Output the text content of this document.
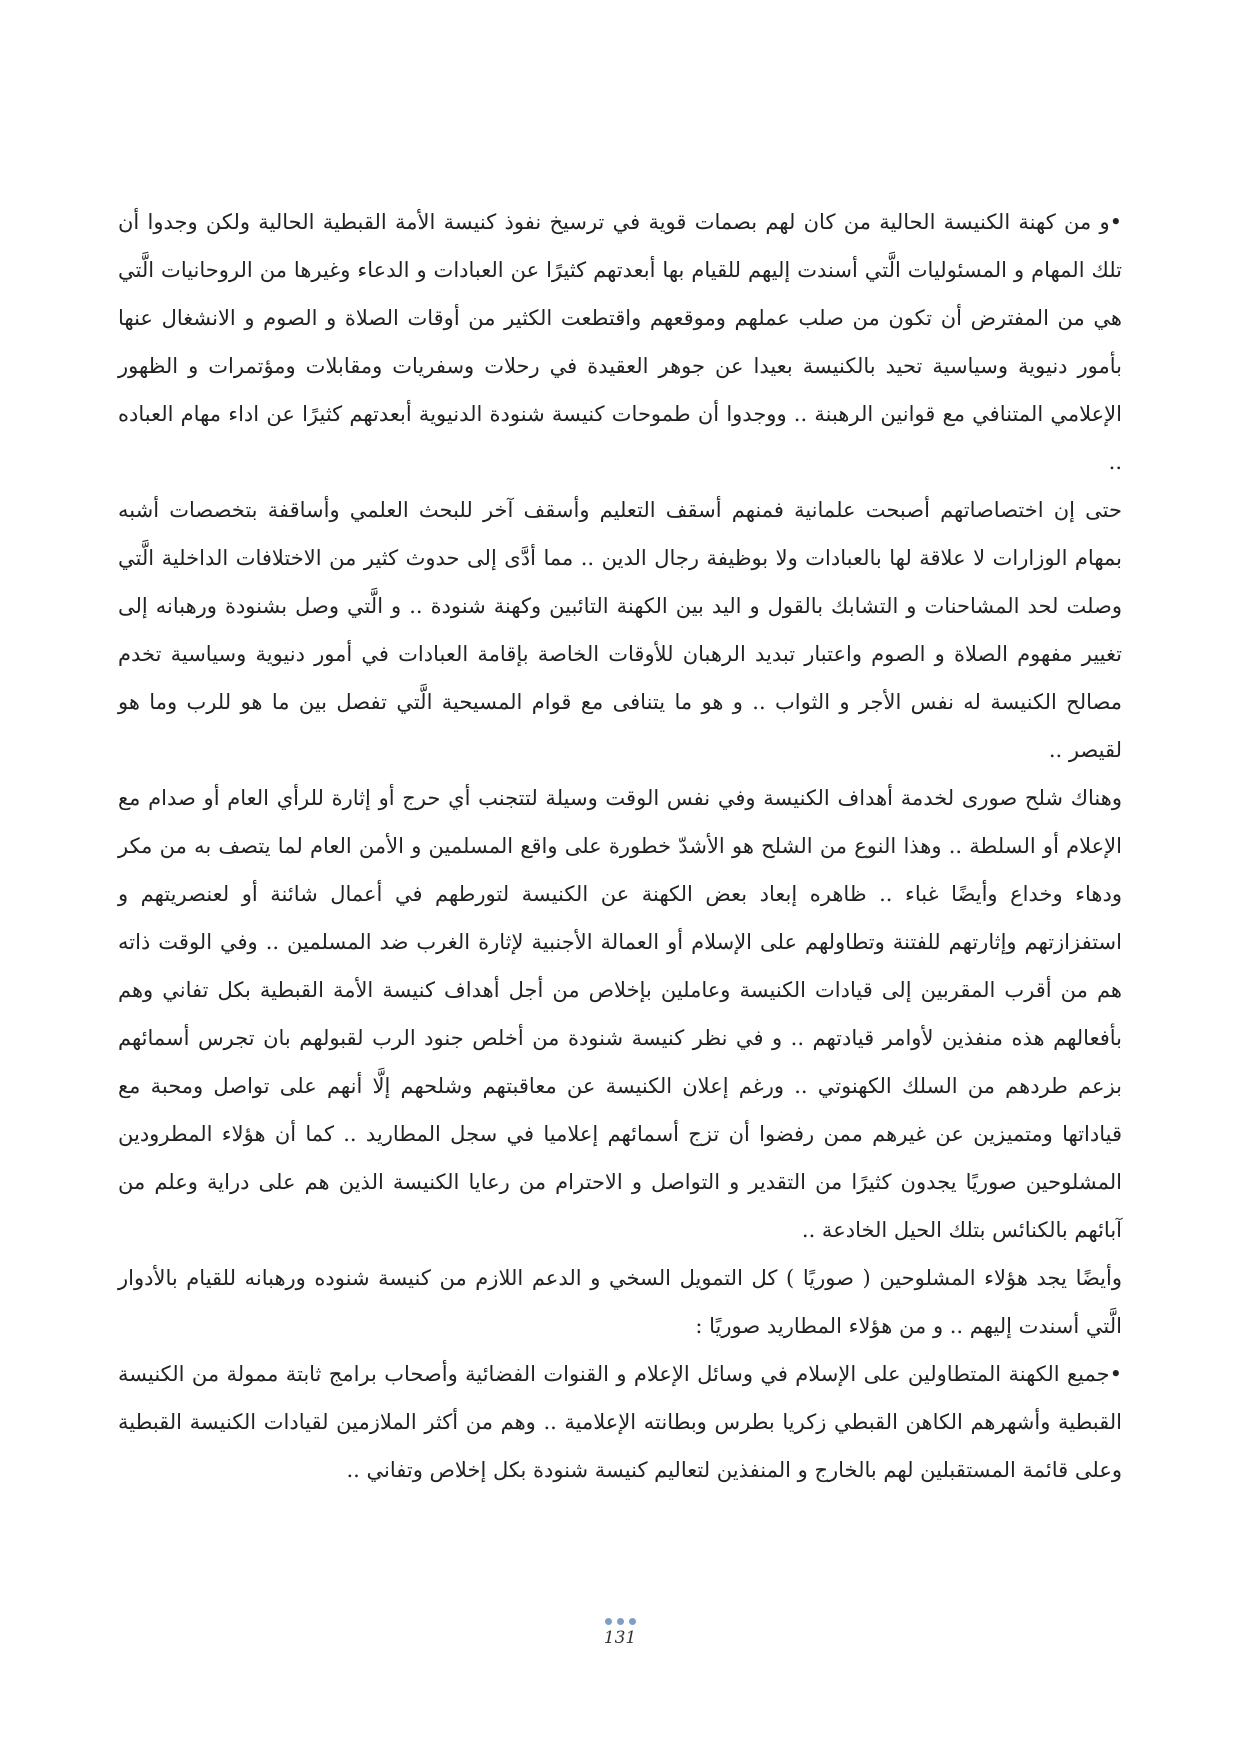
•و من كهنة الكنيسة الحالية من كان لهم بصمات قوية في ترسيخ نفوذ كنيسة الأمة القبطية الحالية ولكن وجدوا أن تلك المهام و المسئوليات الَّتي أسندت إليهم للقيام بها أبعدتهم كثيرًا عن العبادات و الدعاء وغيرها من الروحانيات الَّتي هي من المفترض أن تكون من صلب عملهم وموقعهم واقتطعت الكثير من أوقات الصلاة و الصوم و الانشغال عنها بأمور دنيوية وسياسية تحيد بالكنيسة بعيدا عن جوهر العقيدة في رحلات وسفريات ومقابلات ومؤتمرات و الظهور الإعلامي المتنافي مع قوانين الرهبنة .. ووجدوا أن طموحات كنيسة شنودة الدنيوية أبعدتهم كثيرًا عن اداء مهام العباده ..

حتى إن اختصاصاتهم أصبحت علمانية فمنهم أسقف التعليم وأسقف آخر للبحث العلمي وأساقفة بتخصصات أشبه بمهام الوزارات لا علاقة لها بالعبادات ولا بوظيفة رجال الدين .. مما أدَّى إلى حدوث كثير من الاختلافات الداخلية الَّتي وصلت لحد المشاحنات و التشابك بالقول و اليد بين الكهنة التائبين وكهنة شنودة .. و الَّتي وصل بشنودة ورهبانه إلى تغيير مفهوم الصلاة و الصوم واعتبار تبديد الرهبان للأوقات الخاصة بإقامة العبادات في أمور دنيوية وسياسية تخدم مصالح الكنيسة له نفس الأجر و الثواب .. و هو ما يتنافى مع قوام المسيحية الَّتي تفصل بين ما هو للرب وما هو لقيصر ..

وهناك شلح صورى لخدمة أهداف الكنيسة وفي نفس الوقت وسيلة لتتجنب أي حرج أو إثارة للرأي العام أو صدام مع الإعلام أو السلطة .. وهذا النوع من الشلح هو الأشدّ خطورة على واقع المسلمين و الأمن العام لما يتصف به من مكر ودهاء وخداع وأيضًا غباء .. ظاهره إبعاد بعض الكهنة عن الكنيسة لتورطهم في أعمال شائنة أو لعنصريتهم و استفزازتهم وإثارتهم للفتنة وتطاولهم على الإسلام أو العمالة الأجنبية لإثارة الغرب ضد المسلمين .. وفي الوقت ذاته هم من أقرب المقربين إلى قيادات الكنيسة وعاملين بإخلاص من أجل أهداف كنيسة الأمة القبطية بكل تفاني وهم بأفعالهم هذه منفذين لأوامر قيادتهم .. و في نظر كنيسة شنودة من أخلص جنود الرب لقبولهم بان تجرس أسمائهم بزعم طردهم من السلك الكهنوتي .. ورغم إعلان الكنيسة عن معاقبتهم وشلحهم إلَّا أنهم على تواصل ومحبة مع قياداتها ومتميزين عن غيرهم ممن رفضوا أن تزج أسمائهم إعلاميا في سجل المطاريد .. كما أن هؤلاء المطرودين المشلوحين صوريًا يجدون كثيرًا من التقدير و التواصل و الاحترام من رعايا الكنيسة الذين هم على دراية وعلم من آبائهم بالكنائس بتلك الحيل الخادعة ..

وأيضًا يجد هؤلاء المشلوحين ( صوريًا ) كل التمويل السخي و الدعم اللازم من كنيسة شنوده ورهبانه للقيام بالأدوار الَّتي أسندت إليهم .. و من هؤلاء المطاريد صوريًا :

•جميع الكهنة المتطاولين على الإسلام في وسائل الإعلام و القنوات الفضائية وأصحاب برامج ثابتة ممولة من الكنيسة القبطية وأشهرهم الكاهن القبطي زكريا بطرس وبطانته الإعلامية .. وهم من أكثر الملازمين لقيادات الكنيسة القبطية وعلى قائمة المستقبلين لهم بالخارج و المنفذين لتعاليم كنيسة شنودة بكل إخلاص وتفاني ..

131
